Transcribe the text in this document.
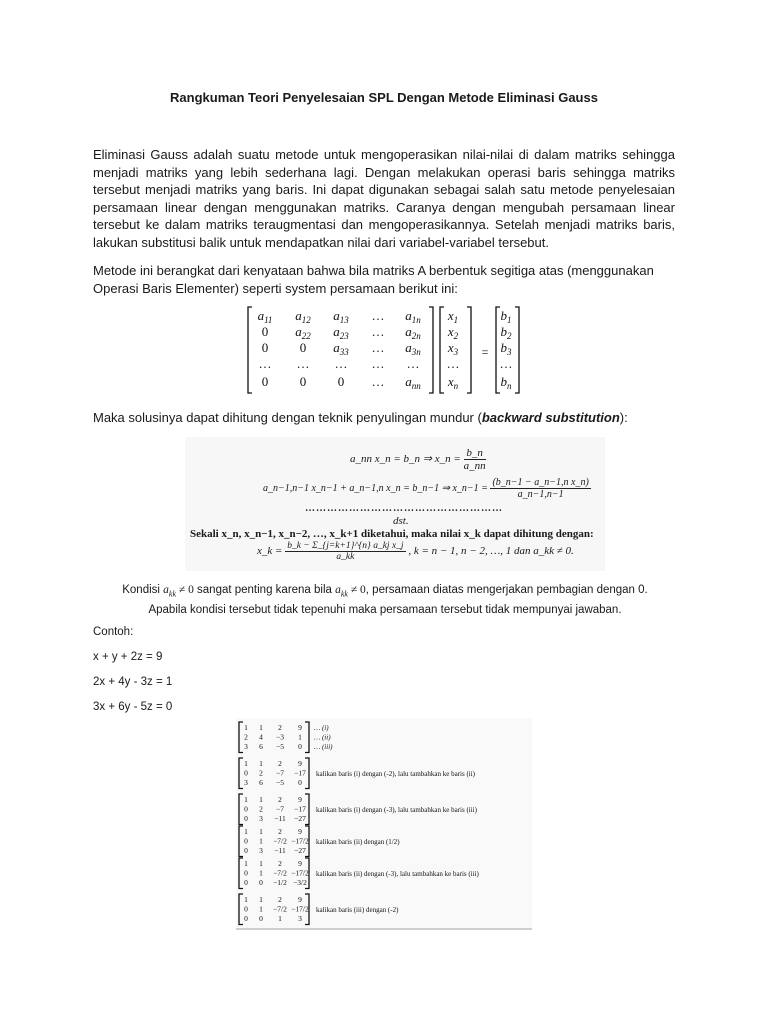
Rangkuman Teori Penyelesaian SPL Dengan Metode Eliminasi Gauss
Eliminasi Gauss adalah suatu metode untuk mengoperasikan nilai-nilai di dalam matriks sehingga menjadi matriks yang lebih sederhana lagi. Dengan melakukan operasi baris sehingga matriks tersebut menjadi matriks yang baris. Ini dapat digunakan sebagai salah satu metode penyelesaian persamaan linear dengan menggunakan matriks. Caranya dengan mengubah persamaan linear tersebut ke dalam matriks teraugmentasi dan mengoperasikannya. Setelah menjadi matriks baris, lakukan substitusi balik untuk mendapatkan nilai dari variabel-variabel tersebut.
Metode ini berangkat dari kenyataan bahwa bila matriks A berbentuk segitiga atas (menggunakan Operasi Baris Elementer) seperti system persamaan berikut ini:
$a_{11}$ $a_{12}$ $a_{13}$ … $a_{1n}$
0 $a_{22}$ $a_{23}$ … $a_{2n}$
0 0 $a_{33}$ … $a_{3n}$
… … … … …
0 0 0 … $a_{nn}$
$x_1$
$x_2$
$x_3$
…
$x_n$
=
$b_1$
$b_2$
$b_3$
…
$b_n$
Maka solusinya dapat dihitung dengan teknik penyulingan mundur (backward substitution):
a_nn x_n = b_n ⇒ x_n = $\frac{b\_n}{a\_nn}$
a_n−1,n−1 x_n−1 + a_n−1,n x_n = b_n−1 ⇒ x_n−1 = $\frac{\text{(b\_n−1 − a\_n−1,n x\_n)}}{a\_n-1,n-1}$
………………………………………………
dst.
Sekali x_n, x_n−1, x_n−2, …, x_k+1 diketahui, maka nilai x_k dapat dihitung dengan:
x_k = $\frac{\text{b\_k − Σ\_\{j=k+1\}\textasciicircum{}\{n\} a\_kj x\_j}}{a\_kk}$ , k = n − 1, n − 2, …, 1 dan a_kk ≠ 0.
Kondisi $a_{kk} \ne 0$ sangat penting karena bila $a_{kk} \ne 0$, persamaan diatas mengerjakan pembagian dengan 0.
Apabila kondisi tersebut tidak tepenuhi maka persamaan tersebut tidak mempunyai jawaban.
Contoh:
x + y + 2z = 9
2x + 4y - 3z = 1
3x + 6y - 5z = 0
1 1 2 9
2 4 −3 1
3 6 −5 0
… (i)
… (ii)
… (iii)
1 1 2 9
0 2 −7 −17
3 6 −5 0
kalikan baris (i) dengan (-2), lalu tambahkan ke baris (ii)
1 1 2 9
0 2 −7 −17
0 3 −11 −27
kalikan baris (i) dengan (-3), lalu tambahkan ke baris (iii)
1 1 2 9
0 1 −7/2 −17/2
0 3 −11 −27
kalikan baris (ii) dengan (1/2)
1 1 2 9
0 1 −7/2 −17/2
0 0 −1/2 −3/2
kalikan baris (ii) dengan (-3), lalu tambahkan ke baris (iii)
1 1 2 9
0 1 −7/2 −17/2
0 0 1 3
kalikan baris (iii) dengan (-2)
